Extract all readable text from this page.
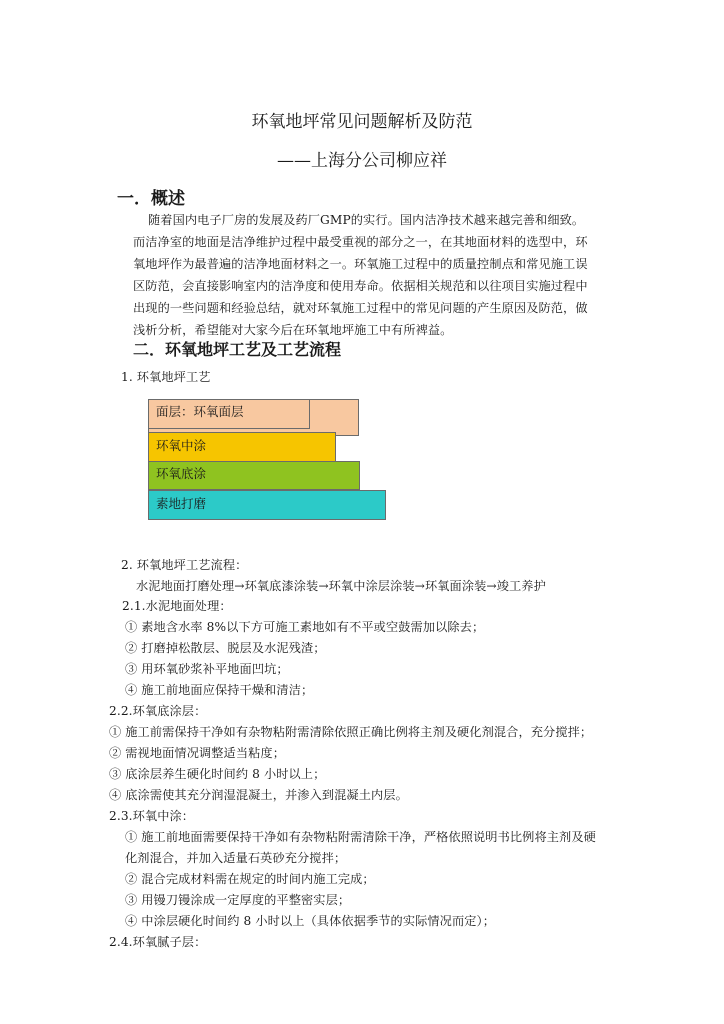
环氧地坪常见问题解析及防范
——上海分公司柳应祥
一．概述
随着国内电子厂房的发展及药厂GMP的实行。国内洁净技术越来越完善和细致。
而洁净室的地面是洁净维护过程中最受重视的部分之一，在其地面材料的选型中，环
氧地坪作为最普遍的洁净地面材料之一。环氧施工过程中的质量控制点和常见施工误
区防范，会直接影响室内的洁净度和使用寿命。依据相关规范和以往项目实施过程中
出现的一些问题和经验总结，就对环氧施工过程中的常见问题的产生原因及防范，做
浅析分析，希望能对大家今后在环氧地坪施工中有所裨益。
二．环氧地坪工艺及工艺流程
1. 环氧地坪工艺
面层：环氧面层
环氧中涂
环氧底涂
素地打磨
2. 环氧地坪工艺流程：
水泥地面打磨处理→环氧底漆涂装→环氧中涂层涂装→环氧面涂装→竣工养护
2.1.水泥地面处理：
① 素地含水率 8%以下方可施工素地如有不平或空鼓需加以除去；
② 打磨掉松散层、脱层及水泥残渣；
③ 用环氧砂浆补平地面凹坑；
④ 施工前地面应保持干燥和清洁；
2.2.环氧底涂层：
① 施工前需保持干净如有杂物粘附需清除依照正确比例将主剂及硬化剂混合，充分搅拌；
② 需视地面情况调整适当粘度；
③ 底涂层养生硬化时间约 8 小时以上；
④ 底涂需使其充分润湿混凝土，并渗入到混凝土内层。
2.3.环氧中涂：
① 施工前地面需要保持干净如有杂物粘附需清除干净，严格依照说明书比例将主剂及硬
化剂混合，并加入适量石英砂充分搅拌；
② 混合完成材料需在规定的时间内施工完成；
③ 用镘刀镘涂成一定厚度的平整密实层；
④ 中涂层硬化时间约 8 小时以上（具体依据季节的实际情况而定）；
2.4.环氧腻子层：
